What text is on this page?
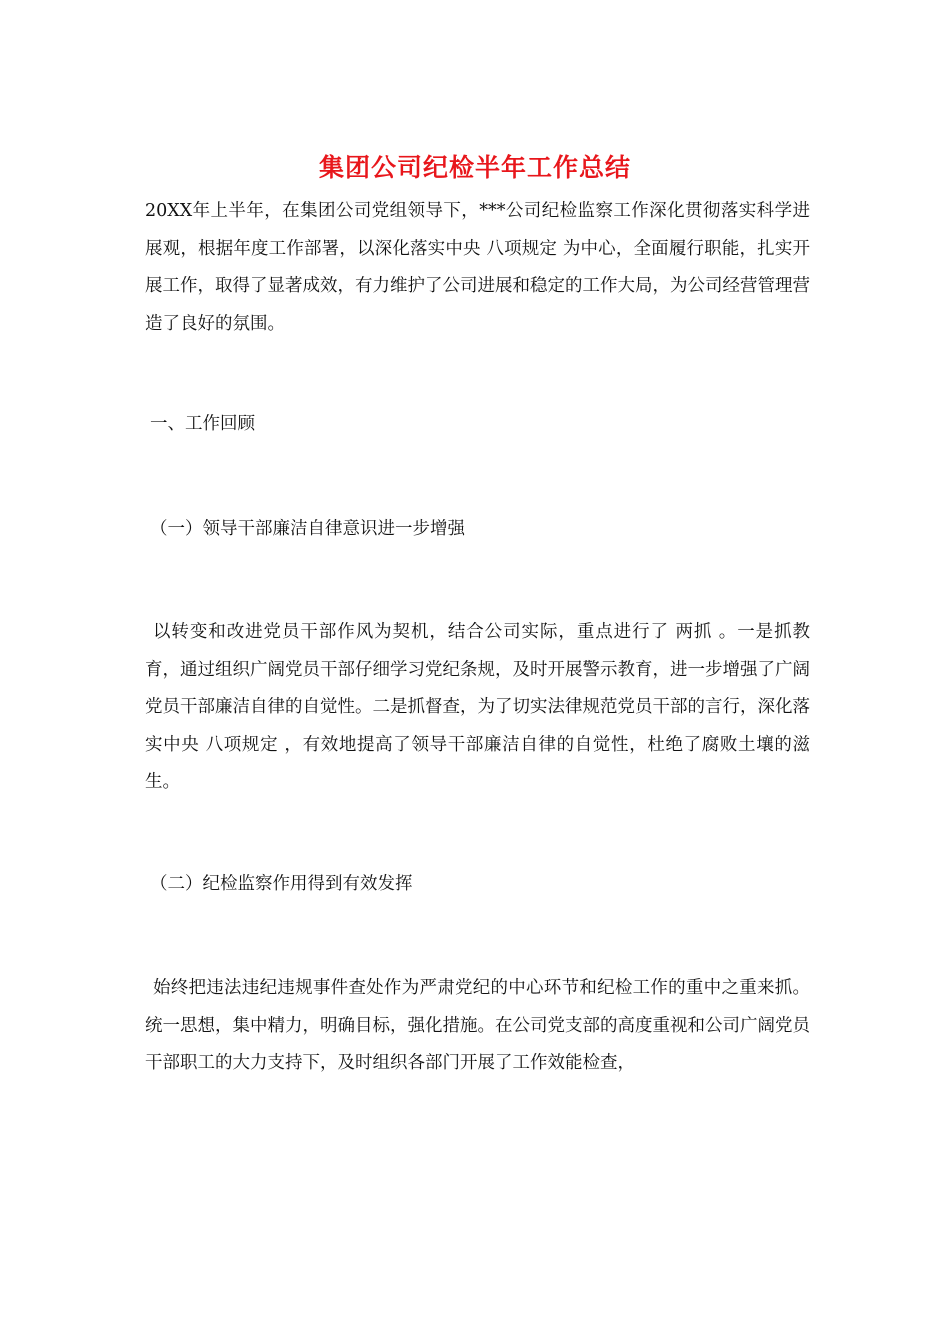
集团公司纪检半年工作总结

20XX年上半年，在集团公司党组领导下，***公司纪检监察工作深化贯彻落实科学进展观，根据年度工作部署，以深化落实中央 八项规定 为中心，全面履行职能，扎实开展工作，取得了显著成效，有力维护了公司进展和稳定的工作大局，为公司经营管理营造了良好的氛围。

一、工作回顾

（一）领导干部廉洁自律意识进一步增强

以转变和改进党员干部作风为契机，结合公司实际，重点进行了 两抓 。一是抓教育，通过组织广阔党员干部仔细学习党纪条规，及时开展警示教育，进一步增强了广阔党员干部廉洁自律的自觉性。二是抓督查，为了切实法律规范党员干部的言行，深化落实中央 八项规定 ，有效地提高了领导干部廉洁自律的自觉性，杜绝了腐败土壤的滋生。

（二）纪检监察作用得到有效发挥

始终把违法违纪违规事件查处作为严肃党纪的中心环节和纪检工作的重中之重来抓。统一思想，集中精力，明确目标，强化措施。在公司党支部的高度重视和公司广阔党员干部职工的大力支持下，及时组织各部门开展了工作效能检查，
